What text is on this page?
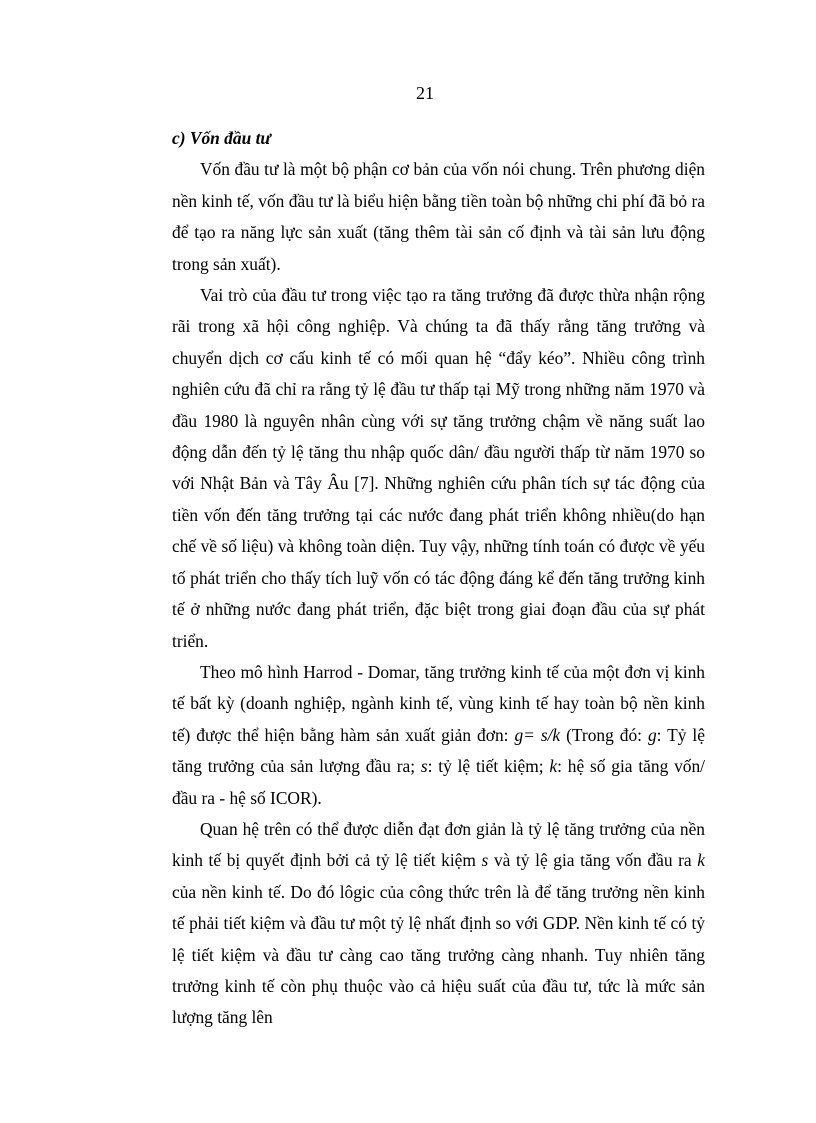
21

c) Vốn đầu tư

Vốn đầu tư là một bộ phận cơ bản của vốn nói chung. Trên phương diện nền kinh tế, vốn đầu tư là biểu hiện bằng tiền toàn bộ những chi phí đã bỏ ra để tạo ra năng lực sản xuất (tăng thêm tài sản cố định và tài sản lưu động trong sản xuất).

Vai trò của đầu tư trong việc tạo ra tăng trưởng đã được thừa nhận rộng rãi trong xã hội công nghiệp. Và chúng ta đã thấy rằng tăng trưởng và chuyển dịch cơ cấu kinh tế có mối quan hệ “đẩy kéo”. Nhiều công trình nghiên cứu đã chỉ ra rằng tỷ lệ đầu tư thấp tại Mỹ trong những năm 1970 và đầu 1980 là nguyên nhân cùng với sự tăng trưởng chậm về năng suất lao động dẫn đến tỷ lệ tăng thu nhập quốc dân/ đầu người thấp từ năm 1970 so với Nhật Bản và Tây Âu [7]. Những nghiên cứu phân tích sự tác động của tiền vốn đến tăng trưởng tại các nước đang phát triển không nhiều(do hạn chế về số liệu) và không toàn diện. Tuy vậy, những tính toán có được về yếu tố phát triển cho thấy tích luỹ vốn có tác động đáng kể đến tăng trưởng kinh tế ở những nước đang phát triển, đặc biệt trong giai đoạn đầu của sự phát triển.

Theo mô hình Harrod - Domar, tăng trưởng kinh tế của một đơn vị kinh tế bất kỳ (doanh nghiệp, ngành kinh tế, vùng kinh tế hay toàn bộ nền kinh tế) được thể hiện bằng hàm sản xuất giản đơn: g= s/k (Trong đó: g: Tỷ lệ tăng trưởng của sản lượng đầu ra; s: tỷ lệ tiết kiệm; k: hệ số gia tăng vốn/đầu ra - hệ số ICOR).

Quan hệ trên có thể được diễn đạt đơn giản là tỷ lệ tăng trưởng của nền kinh tế bị quyết định bởi cả tỷ lệ tiết kiệm s và tỷ lệ gia tăng vốn đầu ra k của nền kinh tế. Do đó lôgic của công thức trên là để tăng trưởng nền kinh tế phải tiết kiệm và đầu tư một tỷ lệ nhất định so với GDP. Nền kinh tế có tỷ lệ tiết kiệm và đầu tư càng cao tăng trưởng càng nhanh. Tuy nhiên tăng trưởng kinh tế còn phụ thuộc vào cả hiệu suất của đầu tư, tức là mức sản lượng tăng lên
